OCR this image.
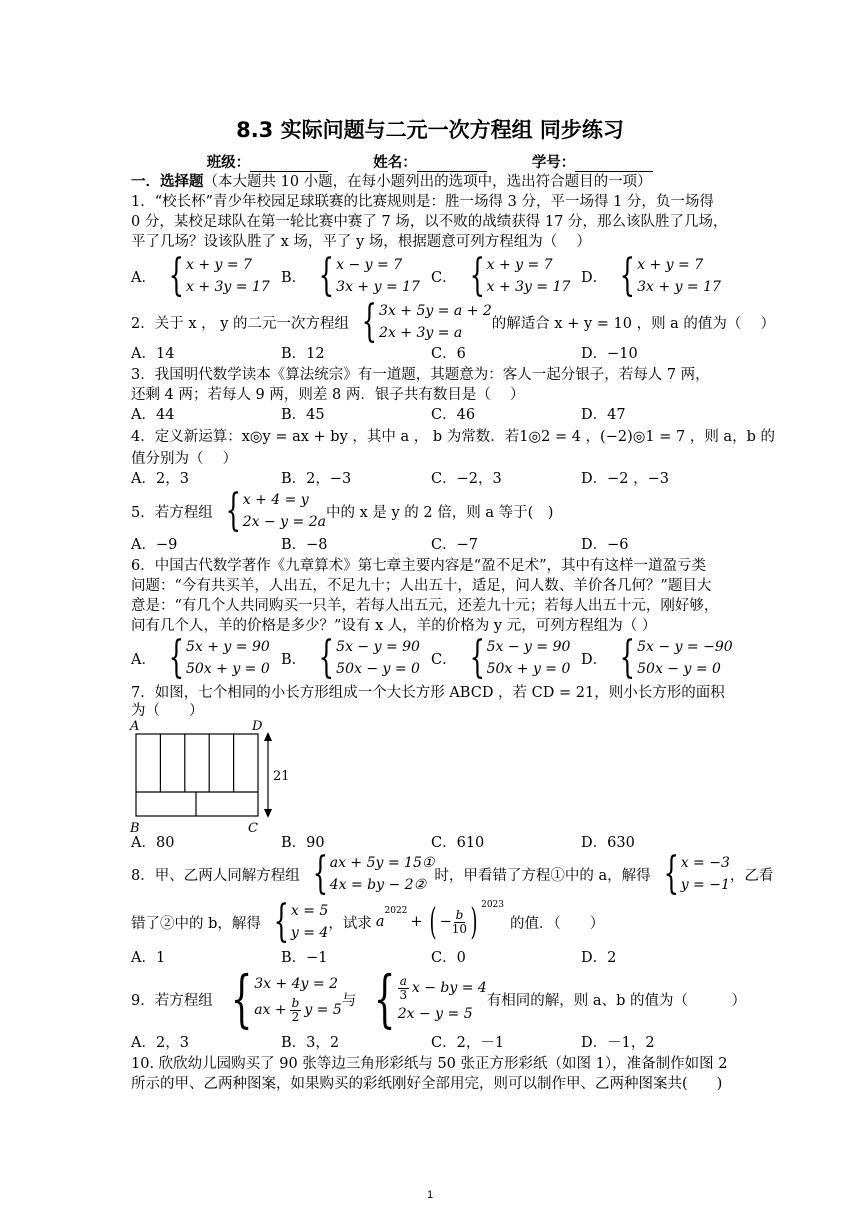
8.3 实际问题与二元一次方程组 同步练习
班级：	姓名：	学号：
一．选择题（本大题共 10 小题，在每小题列出的选项中，选出符合题目的一项）
1．“校长杯”青少年校园足球联赛的比赛规则是：胜一场得 3 分，平一场得 1 分，负一场得
0 分，某校足球队在第一轮比赛中赛了 7 场，以不败的战绩获得 17 分，那么该队胜了几场，
平了几场？设该队胜了 x 场，平了 y 场，根据题意可列方程组为（　 ）
A． { x + y = 7
x + 3y = 17
B． { x − y = 7
3x + y = 17
C． { x + y = 7
x + 3y = 17
D． { x + y = 7
3x + y = 17
2．关于 x ， y 的二元一次方程组 { 3x + 5y = a + 2
2x + 3y = a
的解适合 x + y = 10 ，则 a 的值为（　 ）
A．14	B．12	C．6	D．−10
3．我国明代数学读本《算法统宗》有一道题，其题意为：客人一起分银子，若每人 7 两，
还剩 4 两；若每人 9 两，则差 8 两．银子共有数目是（　 ）
A．44	B．45	C．46	D．47
4．定义新运算：x◎y = ax + by ，其中 a ， b 为常数．若1◎2 = 4 ，(−2)◎1 = 7 ，则 a，b 的
值分别为（　 ）
A．2，3	B．2，−3	C．−2，3	D．−2 ，−3
5．若方程组 { x + 4 = y
2x − y = 2a
中的 x 是 y 的 2 倍，则 a 等于(　)
A．−9	B．−8	C．−7	D．−6
6．中国古代数学著作《九章算术》第七章主要内容是“盈不足术”，其中有这样一道盈亏类
问题：“今有共买羊，人出五，不足九十；人出五十，适足，问人数、羊价各几何？”题目大
意是：“有几个人共同购买一只羊，若每人出五元，还差九十元；若每人出五十元，刚好够，
问有几个人，羊的价格是多少？”设有 x 人，羊的价格为 y 元，可列方程组为（ ）
A． { 5x + y = 90
50x + y = 0
B． { 5x − y = 90
50x − y = 0
C． { 5x − y = 90
50x + y = 0
D． { 5x − y = −90
50x − y = 0
7．如图，七个相同的小长方形组成一个大长方形 ABCD ，若 CD = 21，则小长方形的面积
为（　　）
A	D
B	C
21
A．80	B．90	C．610	D．630
8．甲、乙两人同解方程组 { ax + 5y = 15①
4x = by − 2②
时，甲看错了方程①中的 a，解得 { x = −3
y = −1
，乙看
错了②中的 b，解得 { x = 5
y = 4
，试求 a
$^{2022}$
+ ( − $\frac{b}{10}$ ) $^{2023}$
的值．（　　）
A．1	B．−1	C．0	D．2
9．若方程组 { 3x + 4y = 2
ax + $\frac{b}{2}$ y = 5
与 { $\frac{a}{3}$ x − by = 4
2x − y = 5
有相同的解，则 a、b 的值为（　　　）
A．2，3	B．3，2	C．2，－1	D．－1，2
10. 欣欣幼儿园购买了 90 张等边三角形彩纸与 50 张正方形彩纸（如图 1），准备制作如图 2
所示的甲、乙两种图案，如果购买的彩纸刚好全部用完，则可以制作甲、乙两种图案共(　　)
1
